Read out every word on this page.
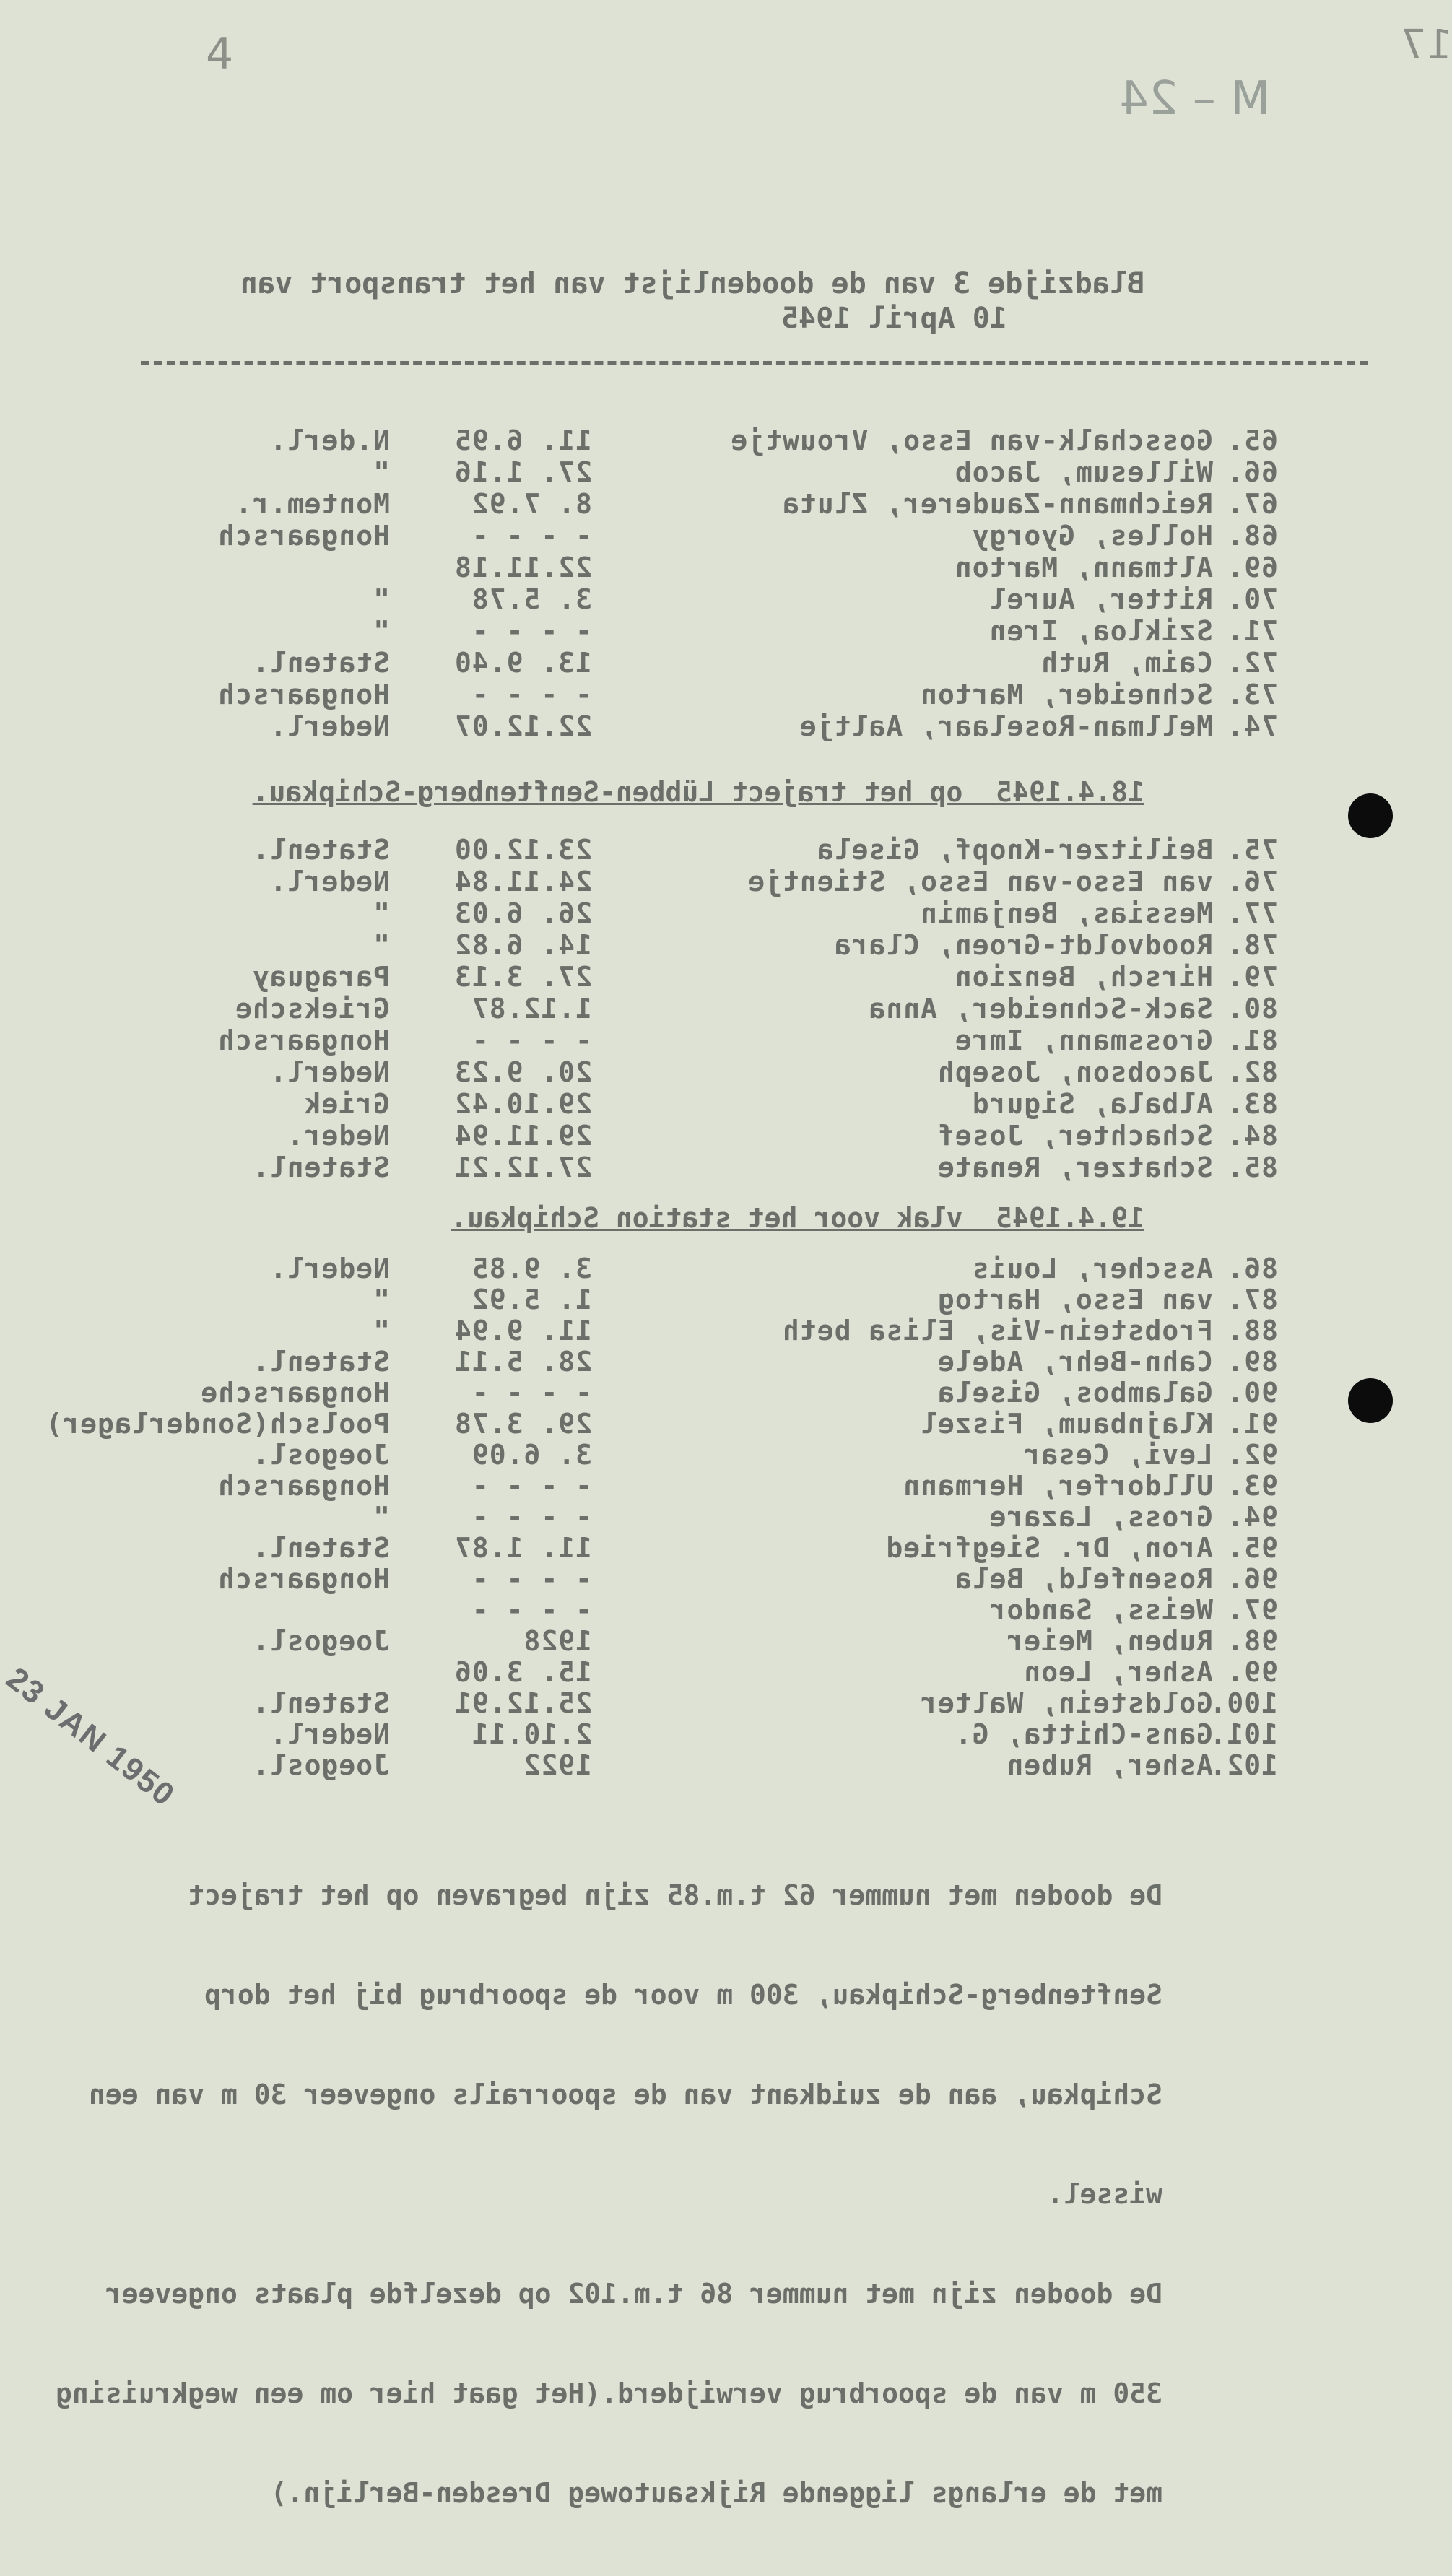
17
4
M – 24
Bladzijde 3 van de doodenlijst van het transport van
10 April 1945
65.
Gosschalk-van Esso, Vrouwtje
11. 6.95
N.derl.
66.
Willesum, Jacob
27. 1.16
"
67.
Reichmann-Zauderer, Zluta
8. 7.92
Montem.r.
68.
Holles, Gyorgy
- - - -
Hongaarsch
69.
Altmann, Marton
22.11.18
70.
Ritter, Aurel
3. 5.78
"
71.
Szikloa, Iren
- - - -
"
72.
Caim, Ruth
13. 9.40
Statenl.
73.
Schneider, Marton
- - - -
Hongaarsch
74.
Mellman-Roselaar, Aaltje
22.12.07
Nederl.
18.4.1945  op het traject Lübben-Senftenberg-Schipkau.
75.
Beilitzer-Knopf, Gisela
23.12.00
Statenl.
76.
van Esso-van Esso, Stientje
24.11.84
Nederl.
77.
Messias, Benjamin
26. 6.03
"
78.
Roodvoldt-Groen, Clara
14. 6.82
"
79.
Hirsch, Benzion
27. 3.13
Paraguay
80.
Sack-Schneider, Anna
1.12.87
Grieksche
81.
Grossmann, Imre
- - - -
Hongaarsch
82.
Jacobson, Joseph
20. 9.23
Nederl.
83.
Albala, Sigurd
29.10.42
Griek
84.
Schachter, Josef
29.11.94
Neder.
85.
Schatzer, Renate
27.12.21
Statenl.
19.4.1945  vlak voor het station Schipkau.
86.
Asscher, Louis
3. 9.85
Nederl.
87.
van Esso, Hartog
1. 5.92
"
88.
Frobstein-Vis, Elisa beth
11. 9.94
"
89.
Cahn-Behr, Adele
28. 5.11
Statenl.
90.
Galambos, Gisela
- - - -
Hongaarsche
91.
Klajnbaum, Fiszel
29. 3.78
Poolsch(Sonderlager)
92.
Levi, Cesar
3. 6.09
Joegosl.
93.
Ulldorfer, Hermann
- - - -
Hongaarsch
94.
Gross, Lazare
- - - -
"
95.
Aron, Dr. Siegfried
11. 1.87
Statenl.
96.
Rosenfeld, Bela
- - - -
Hongaarsch
97.
Weiss, Sandor
- - - -
98.
Ruben, Meier
1928
Joegosl.
99.
Asher, Leon
15. 3.06
100.
Goldstein, Walter
25.12.91
Statenl.
101.
Gans-Chitta, G.
2.10.11
Nederl.
102.
Asher, Ruben
1922
Joegosl.

De dooden met nummer 62 t.m.85 zijn begraven op het traject

Senftenberg-Schipkau, 300 m voor de spoorbrug bij het dorp

Schipkau, aan de zuidkant van de spoorrails ongeveer 30 m van een

wissel.

De dooden zijn met nummer 86 t.m.102 op dezelfde plaats ongeveer

350 m van de spoorbrug verwijderd.(Het gaat hier om een wegkruising

met de erlangs liggende Rijksautoweg Dresden-Berlijn.)

23 JAN 1950
